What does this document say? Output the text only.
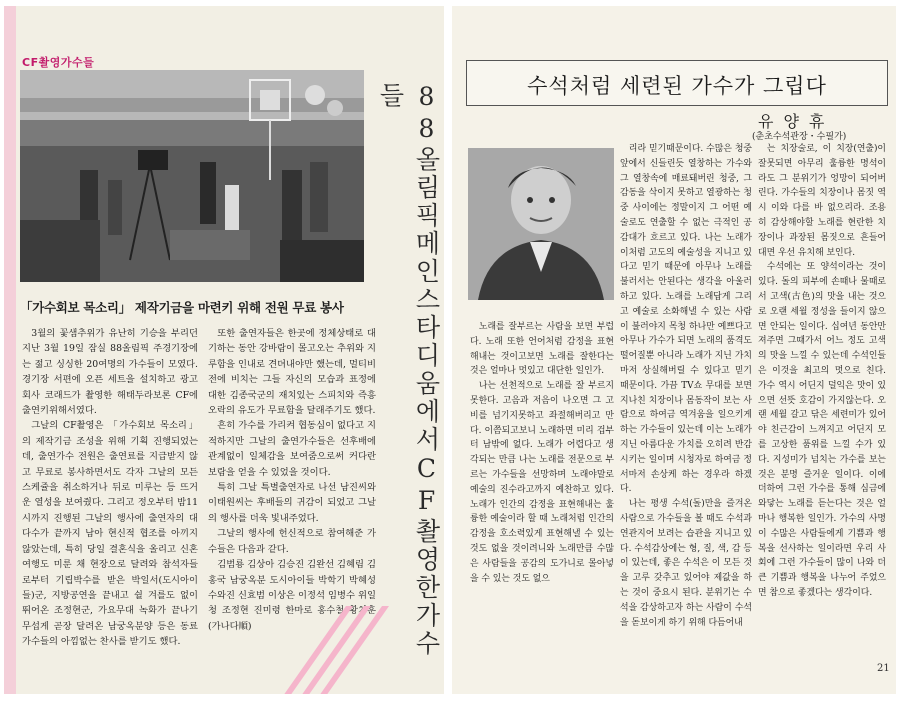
CF촬영가수들
「가수회보 목소리」 제작기금을 마련키 위해 전원 무료 봉사

3월의 꽃샘추위가 유난히 기승을 부리던 지난 3월 19일 잠실 88올림픽 주경기장에는 젊고 싱싱한 20여명의 가수들이 모였다. 경기장 서편에 오픈 세트을 설치하고 광고회사 코래드가 촬영한 해태두라보론 CF에 출연키위해서였다.

그날의 CF촬영은 「가수회보 목소리」의 제작기금 조성을 위해 기획 진행되었는데, 출연가수 전원은 출연료를 지급받지 않고 무료로 봉사하면서도 각자 그날의 모든 스케쥴을 취소하거나 뒤로 미루는 등 뜨거운 열성을 보여줬다. 그리고 정오부터 밤11시까지 진행된 그날의 행사에 출연자의 대다수가 끝까지 남아 현신적 협조를 아끼지 않았는데, 특히 당일 결혼식을 올리고 신혼여행도 미룬 채 현장으로 달려와 참석자들로부터 기립박수를 받은 박일서(도시아이들)군, 지방공연을 끝내고 쉴 겨를도 없이 뛰어온 조정현군, 가요무대 녹화가 끝나기 무섭게 곧장 달려온 남궁옥분양 등은 동료가수들의 아낌없는 찬사를 받기도 했다.

또한 출연자들은 한곳에 정체상태로 대기하는 동안 강바람이 몰고오는 추위와 지루함을 인내로 견뎌내야만 했는데, 멀티비전에 비치는 그들 자신의 모습과 표정에 대한 김종국군의 재치있는 스피치와 즉흥오락의 유도가 무료함을 달래주기도 했다.

흔히 가수를 가리켜 협동심이 없다고 지적하지만 그날의 출연가수들은 선후배에 관계없이 일체감을 보여줌으로써 커다란 보람을 얻을 수 있었을 것이다.

특히 그날 특별출연자로 나선 남진씨와 이태원씨는 후배들의 귀감이 되었고 그날의 행사를 더욱 빛내주었다.

그날의 행사에 헌신적으로 참여해준 가수들은 다음과 같다.

김범룡 김상아 김승진 김완선 김혜림 김홍국 남궁옥분 도시아이들 박학기 박혜성 수와진 신효범 이상은 이정석 임병수 위일청 조정현 진미령 한마로 홍수철 황치훈 (가나다順)	88올림픽메인스타디움에서CF촬영한가수들	수석처럼 세련된 가수가 그립다
유양휴
(춘초수석관장・수필가)

노래를 잘부르는 사람을 보면 부럽다. 노래 또한 언어처럼 감정을 표현해내는 것이고보면 노래를 잘한다는 것은 얼마나 멋있고 대단한 일인가.

나는 선천적으로 노래를 잘 부르지 못한다. 고음과 저음이 나오면 그 고비를 넘기지못하고 좌절해버리고 만다. 이쯤되고보니 노래하면 미리 겁부터 남밖에 없다. 노래가 어렵다고 생각되는 만큼 나는 노래를 전문으로 부르는 가수들을 선망하며 노래야말로 예술의 진수라고까지 예찬하고 있다. 노래가 인간의 감정을 표현해내는 훌륭한 예술이라 할 때 노래처럼 인간의 감정을 호소력있게 표현해낼 수 있는 것도 없을 것이려니와 노래만큼 수많은 사람들을 공감의 도가니로 몰아넣을 수 있는 것도 없으

리라 믿기때문이다. 수많은 청중앞에서 신들린듯 열창하는 가수와 그 열창속에 매료돼버린 청중, 그 감동을 삭이지 못하고 열광하는 청중 사이에는 정말이지 그 어떤 예술로도 연출할 수 없는 극적인 공감대가 흐르고 있다. 나는 노래가 이처럼 고도의 예술성을 지니고 있다고 믿기 때문에 아무나 노래를 불러서는 안된다는 생각을 아울러 하고 있다. 노래를 노래답게 그리고 예술로 소화해낼 수 있는 사람이 불러야지 목청 하나만 예쁘다고 아무나 가수가 되면 노래의 품격도 떨어질뿐 아니라 노래가 지닌 가치마저 상실해버릴 수 있다고 믿기 때문이다. 가끔 TV쇼 무대를 보면 지나친 치장이나 몸동작이 보는 사람으로 하여금 역겨움을 일으키게 하는 가수들이 있는데 이는 노래가 지닌 아름다운 가치를 오히려 반감시키는 일이며 시청자로 하여금 정서마저 손상케 하는 경우라 하겠다.

나는 평생 수석(돌)만을 즐겨온 사람으로 가수들을 볼 때도 수석과 연관지어 보려는 습관을 지니고 있다. 수석감상에는 형, 질, 색, 감 등이 있는데, 좋은 수석은 이 모든 것을 고루 갖추고 있어야 제값을 하는 것이 중요시 된다. 분위기는 수석을 감상하고자 하는 사람이 수석을 돋보이게 하기 위해 다듬어내

는 치장술로, 이 치장(연출)이 잘못되면 아무리 훌륭한 명석이라도 그 분위기가 엉망이 되어버린다. 가수들의 치장이나 몸짓 역시 이와 다를 바 없으리라. 조용히 감상해야할 노래를 현란한 치장이나 과장된 몸짓으로 흔들어대면 우선 유치해 보인다.

수석에는 또 양석이라는 것이 있다. 돌의 피부에 손때나 물때로서 고색(古色)의 맛을 내는 것으로 오랜 세월 정성을 들이지 않으면 안되는 일이다. 십여년 동안만져주면 그때가서 어느 정도 고색의 맛을 느낄 수 있는데 수석인들은 이것을 최고의 멋으로 친다. 가수 역시 어딘지 덜익은 맛이 있으면 선뜻 호감이 가지않는다. 오랜 세월 갈고 닦은 세련미가 있어야 친근감이 느껴지고 어딘지 모를 고상한 품위를 느낄 수가 있다. 지성미가 넘치는 가수를 보는 것은 분명 즐거운 일이다. 이에 더하여 그런 가수를 통해 심금에 와닿는 노래를 듣는다는 것은 얼마나 행복한 일인가. 가수의 사명이 수많은 사람들에게 기쁨과 행복을 선사하는 일이라면 우리 사회에 그런 가수들이 많이 나와 더 큰 기쁨과 행복을 나누어 주었으면 참으로 좋겠다는 생각이다.

21
